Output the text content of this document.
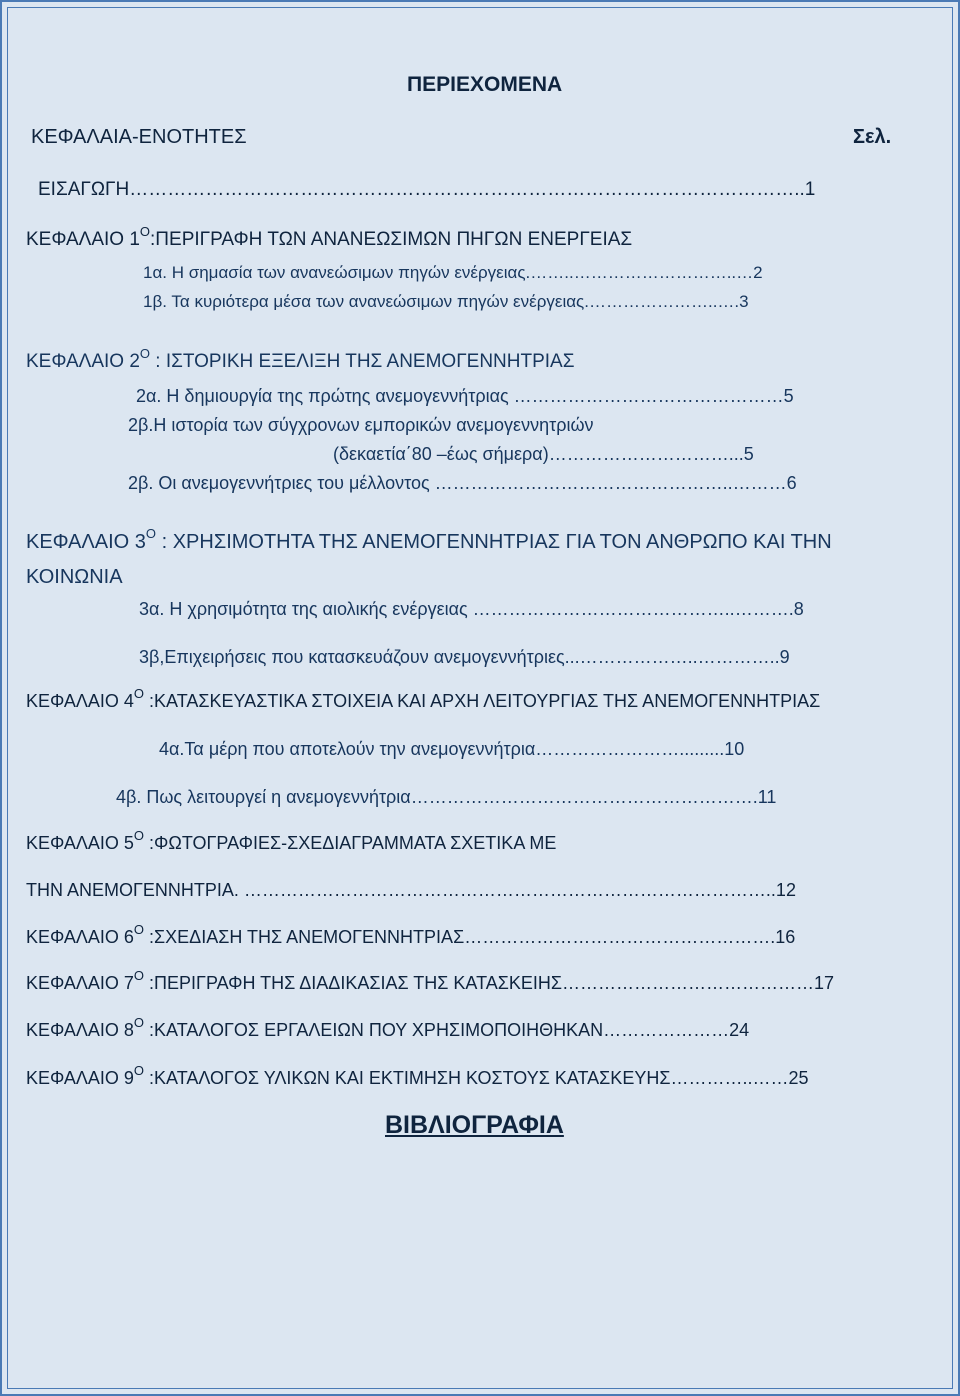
ΠΕΡΙΕΧΟΜΕΝΑ
ΚΕΦΑΛΑΙΑ-ΕΝΟΤΗΤΕΣ	Σελ.
ΕΙΣΑΓΩΓΗ……………………………………………………………………………………………..1
ΚΕΦΑΛΑΙΟ $1^O:\Pi EPI\Gamma PA\Phi H$ ΤΩΝ ΑΝΑΝΕΩΣΙΜΩΝ ΠΗΓΩΝ ΕΝΕΡΓΕΙΑΣ
1α. Η σημασία των ανανεώσιμων πηγών ενέργειας.……..………………………..…2
1β. Τα κυριότερα μέσα των ανανεώσιμων πηγών ενέργειας.…………………..….3
ΚΕΦΑΛΑΙΟ $2^O$ : ΙΣΤΟΡΙΚΗ ΕΞΕΛΙΞΗ ΤΗΣ ΑΝΕΜΟΓΕΝΝΗΤΡΙΑΣ
2α. Η δημιουργία της πρώτης ανεμογεννήτριας ………………………………………5
2β.Η ιστορία των σύγχρονων εμπορικών ανεμογεννητριών
(δεκαετία΄80 –έως σήμερα)…………………………...5
2β. Οι ανεμογεννήτριες του μέλλοντος …………………………………………..………6
ΚΕΦΑΛΑΙΟ $3^O$ : ΧΡΗΣΙΜΟΤΗΤΑ ΤΗΣ ΑΝΕΜΟΓΕΝΝΗΤΡΙΑΣ ΓΙΑ ΤΟΝ ΑΝΘΡΩΠΟ ΚΑΙ ΤΗΝ
ΚΟΙΝΩΝΙΑ
3α. Η χρησιμότητα της αιολικής ενέργειας ……………………………………..……….8
3β,Επιχειρήσεις που κατασκευάζουν ανεμογεννήτριες...………………..…………..9
ΚΕΦΑΛΑΙΟ $4^O$ :ΚΑΤΑΣΚΕΥΑΣΤΙΚΑ ΣΤΟΙΧΕΙΑ ΚΑΙ ΑΡΧΗ ΛΕΙΤΟΥΡΓΙΑΣ ΤΗΣ ΑΝΕΜΟΓΕΝΝΗΤΡΙΑΣ
4α.Τα μέρη που αποτελούν την ανεμογεννήτρια…………………….........10
4β. Πως λειτουργεί η ανεμογεννήτρια………………………………………………….11
ΚΕΦΑΛΑΙΟ $5^O$ :ΦΩΤΟΓΡΑΦΙΕΣ-ΣΧΕΔΙΑΓΡΑΜΜΑΤΑ ΣΧΕΤΙΚΑ ΜΕ
ΤΗΝ ΑΝΕΜΟΓΕΝΝΗΤΡΙΑ. ……………………………………………………………………………..12
ΚΕΦΑΛΑΙΟ $6^O$ :ΣΧΕΔΙΑΣΗ ΤΗΣ ΑΝΕΜΟΓΕΝΝΗΤΡΙΑΣ…………………………………………….16
ΚΕΦΑΛΑΙΟ $7^O$ :ΠΕΡΙΓΡΑΦΗ ΤΗΣ ΔΙΑΔΙΚΑΣΙΑΣ ΤΗΣ ΚΑΤΑΣΚΕΙΗΣ……………………………………17
ΚΕΦΑΛΑΙΟ $8^O$ :ΚΑΤΑΛΟΓΟΣ ΕΡΓΑΛΕΙΩΝ ΠΟΥ ΧΡΗΣΙΜΟΠΟΙΗΘΗΚΑΝ…………………24
ΚΕΦΑΛΑΙΟ $9^O$ :ΚΑΤΑΛΟΓΟΣ ΥΛΙΚΩΝ ΚΑΙ ΕΚΤΙΜΗΣΗ ΚΟΣΤΟΥΣ ΚΑΤΑΣΚΕΥΗΣ…………..……25
ΒΙΒΛΙΟΓΡΑΦΙΑ
